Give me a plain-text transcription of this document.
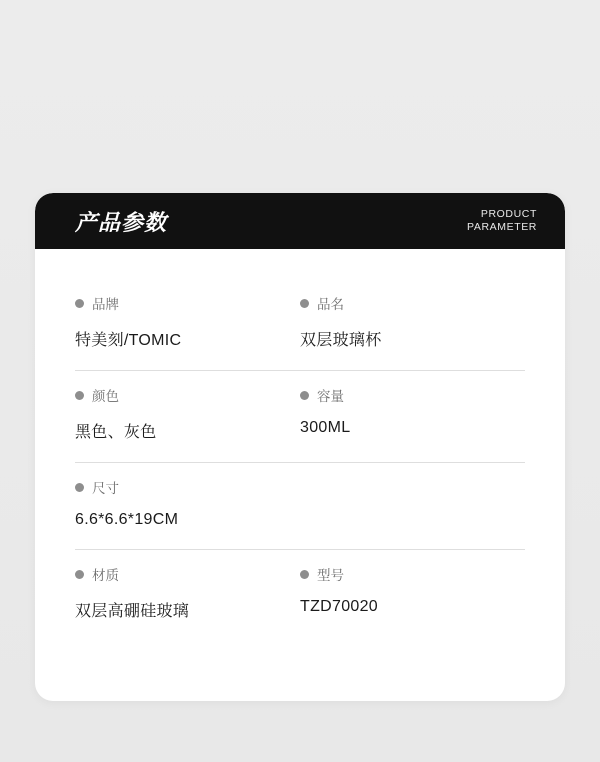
产品参数	PRODUCT
PARAMETER
品牌
特美刻/TOMIC
品名
双层玻璃杯
颜色
黑色、灰色
容量
300ML
尺寸
6.6*6.6*19CM
材质
双层高硼硅玻璃
型号
TZD70020
